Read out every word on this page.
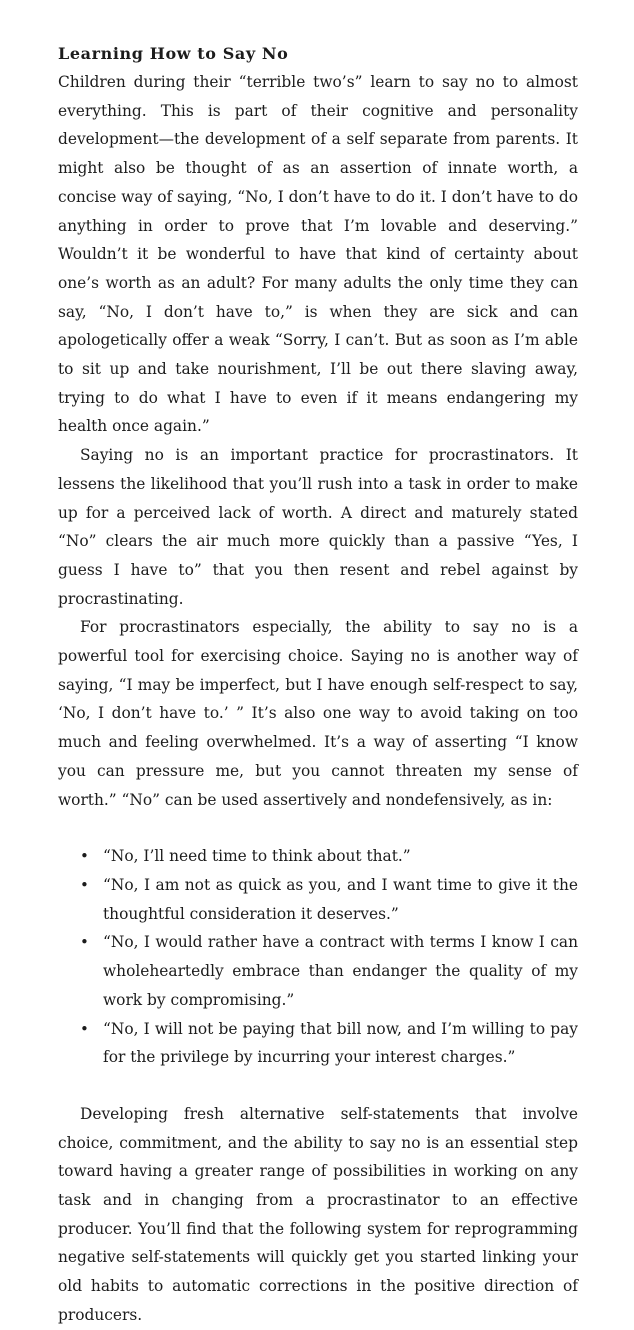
Learning How to Say No

Children during their “terrible two’s” learn to say no to almost everything. This is part of their cognitive and personality development—the development of a self separate from parents. It might also be thought of as an assertion of innate worth, a concise way of saying, “No, I don’t have to do it. I don’t have to do anything in order to prove that I’m lovable and deserving.” Wouldn’t it be wonderful to have that kind of certainty about one’s worth as an adult? For many adults the only time they can say, “No, I don’t have to,” is when they are sick and can apologetically offer a weak “Sorry, I can’t. But as soon as I’m able to sit up and take nourishment, I’ll be out there slaving away, trying to do what I have to even if it means endangering my health once again.”

Saying no is an important practice for procrastinators. It lessens the likelihood that you’ll rush into a task in order to make up for a perceived lack of worth. A direct and maturely stated “No” clears the air much more quickly than a passive “Yes, I guess I have to” that you then resent and rebel against by procrastinating.

For procrastinators especially, the ability to say no is a powerful tool for exercising choice. Saying no is another way of saying, “I may be imperfect, but I have enough self-respect to say, ‘No, I don’t have to.’ ” It’s also one way to avoid taking on too much and feeling overwhelmed. It’s a way of asserting “I know you can pressure me, but you cannot threaten my sense of worth.” “No” can be used assertively and nondefensively, as in:

• “No, I’ll need time to think about that.”
• “No, I am not as quick as you, and I want time to give it the thoughtful consideration it deserves.”
• “No, I would rather have a contract with terms I know I can wholeheartedly embrace than endanger the quality of my work by compromising.”
• “No, I will not be paying that bill now, and I’m willing to pay for the privilege by incurring your interest charges.”

Developing fresh alternative self-statements that involve choice, commitment, and the ability to say no is an essential step toward having a greater range of possibilities in working on any task and in changing from a procrastinator to an effective producer. You’ll find that the following system for reprogramming negative self-statements will quickly get you started linking your old habits to automatic corrections in the positive direction of producers.
